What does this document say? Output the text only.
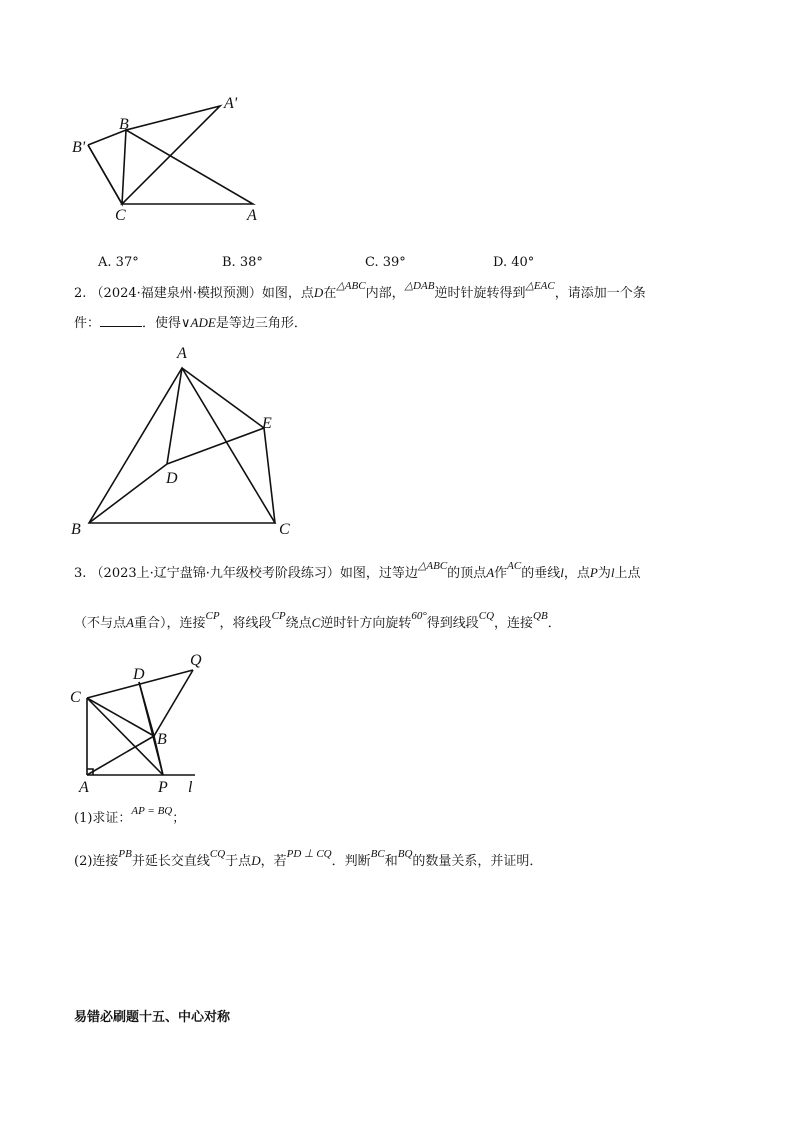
A'
B
B'
C	A
A. 37°	B. 38°	C. 39°	D. 40°
2. （2024·福建泉州·模拟预测）如图，点D在$^{\triangle ABC}$内部，$^{\triangle DAB}$逆时针旋转得到$^{\triangle EAC}$，请添加一个条
件：	．使得∨ADE是等边三角形．
A
E
D
B	C
3. （2023上·辽宁盘锦·九年级校考阶段练习）如图，过等边$^{\triangle ABC}$的顶点A作$^{AC}$的垂线l，点P为l上点
（不与点A重合），连接$^{CP}$，将线段$^{CP}$绕点C逆时针方向旋转$^{60^\circ}$得到线段$^{CQ}$，连接$^{QB}$．
Q
D
C
B
A	P l
(1)求证：$^{AP = BQ}$；
(2)连接$^{PB}$并延长交直线$^{CQ}$于点D，若$^{PD \perp CQ}$．判断$^{BC}$和$^{BQ}$的数量关系，并证明．
易错必刷题十五、中心对称
